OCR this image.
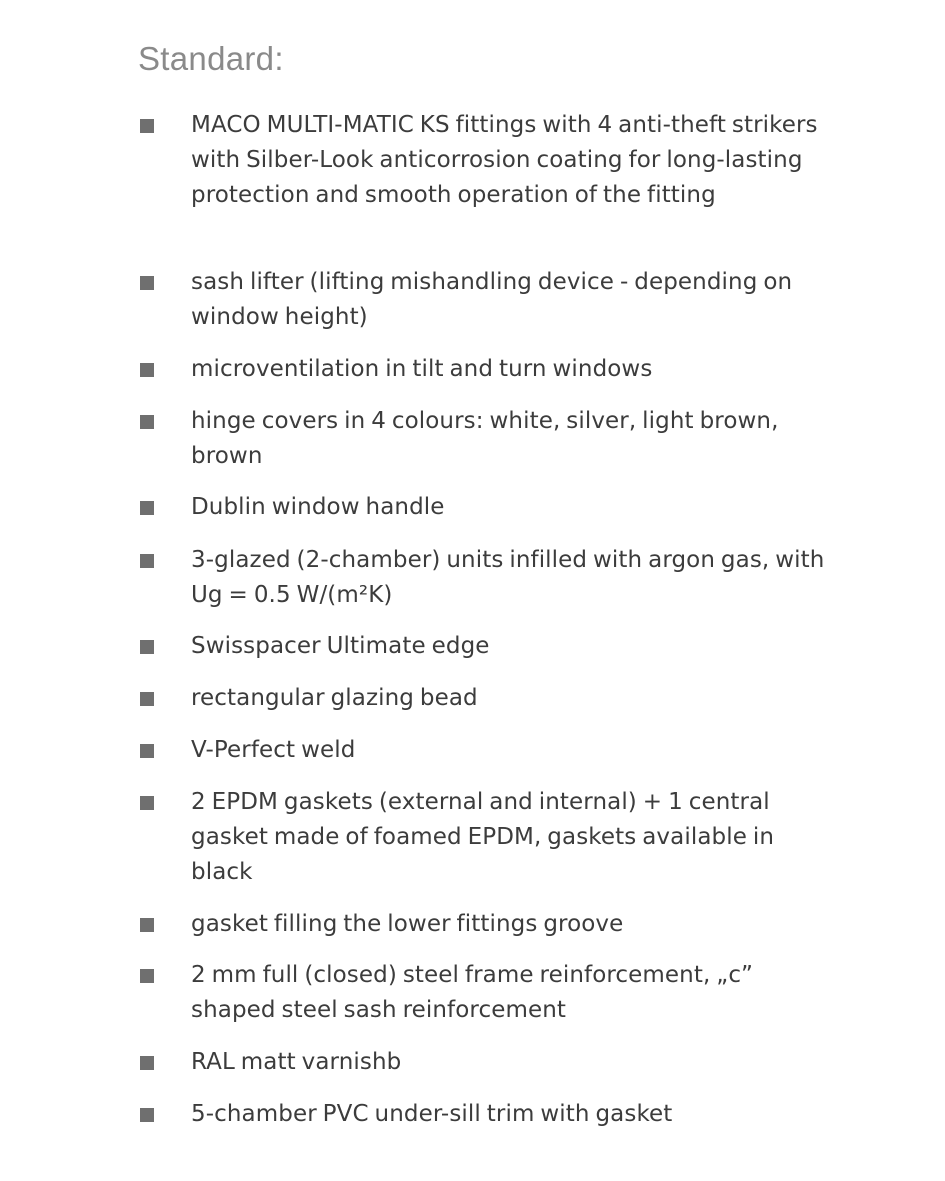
Standard:

MACO MULTI-MATIC KS fittings with 4 anti-theft strikers with Silber-Look anticorrosion coating for long-lasting protection and smooth operation of the fitting

sash lifter (lifting mishandling device - depending on window height)

microventilation in tilt and turn windows

hinge covers in 4 colours: white, silver, light brown, brown

Dublin window handle

3-glazed (2-chamber) units infilled with argon gas, with Ug = 0.5 W/(m²K)

Swisspacer Ultimate edge

rectangular glazing bead

V-Perfect weld

2 EPDM gaskets (external and internal) + 1 central gasket made of foamed EPDM, gaskets available in black

gasket filling the lower fittings groove

2 mm full (closed) steel frame reinforcement, „c” shaped steel sash reinforcement

RAL matt varnishb

5-chamber PVC under-sill trim with gasket
